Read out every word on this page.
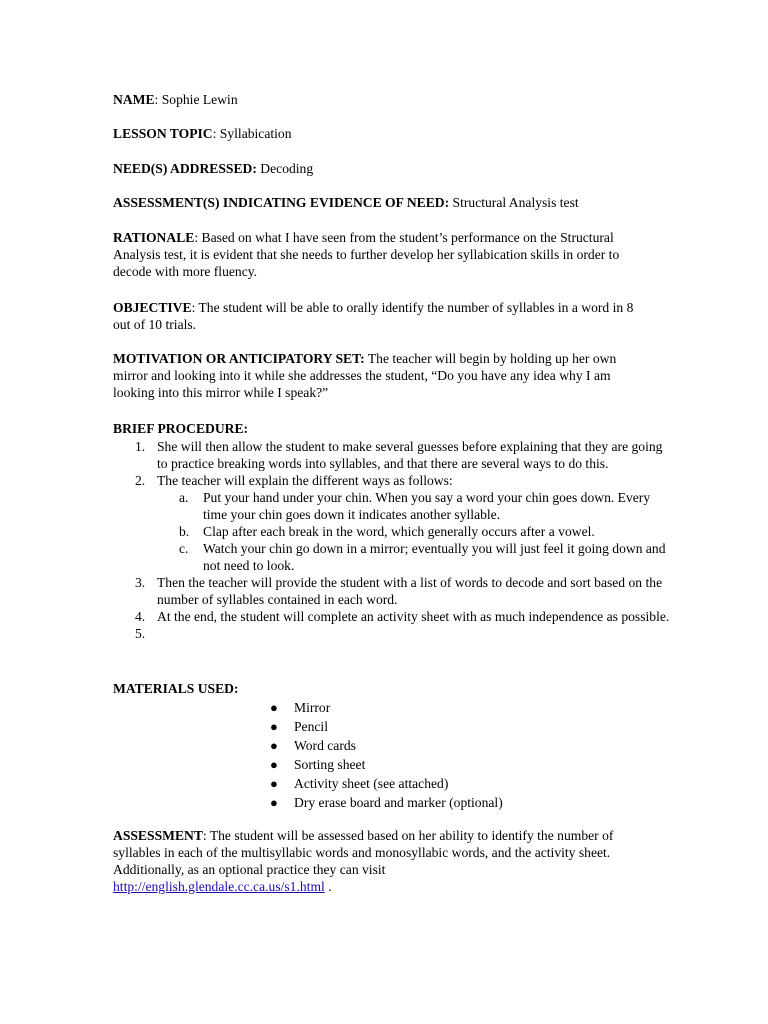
NAME: Sophie Lewin

LESSON TOPIC: Syllabication

NEED(S) ADDRESSED: Decoding

ASSESSMENT(S) INDICATING EVIDENCE OF NEED: Structural Analysis test

RATIONALE: Based on what I have seen from the student’s performance on the Structural Analysis test, it is evident that she needs to further develop her syllabication skills in order to decode with more fluency.

OBJECTIVE: The student will be able to orally identify the number of syllables in a word in 8 out of 10 trials.

MOTIVATION OR ANTICIPATORY SET: The teacher will begin by holding up her own mirror and looking into it while she addresses the student, “Do you have any idea why I am looking into this mirror while I speak?”

BRIEF PROCEDURE:

1. She will then allow the student to make several guesses before explaining that they are going to practice breaking words into syllables, and that there are several ways to do this.
2. The teacher will explain the different ways as follows:
a. Put your hand under your chin. When you say a word your chin goes down. Every time your chin goes down it indicates another syllable.
b. Clap after each break in the word, which generally occurs after a vowel.
c. Watch your chin go down in a mirror; eventually you will just feel it going down and not need to look.
3. Then the teacher will provide the student with a list of words to decode and sort based on the number of syllables contained in each word.
4. At the end, the student will complete an activity sheet with as much independence as possible.
5.

MATERIALS USED:

● Mirror
● Pencil
● Word cards
● Sorting sheet
● Activity sheet (see attached)
● Dry erase board and marker (optional)

ASSESSMENT: The student will be assessed based on her ability to identify the number of syllables in each of the multisyllabic words and monosyllabic words, and the activity sheet. Additionally, as an optional practice they can visit
http://english.glendale.cc.ca.us/s1.html .
